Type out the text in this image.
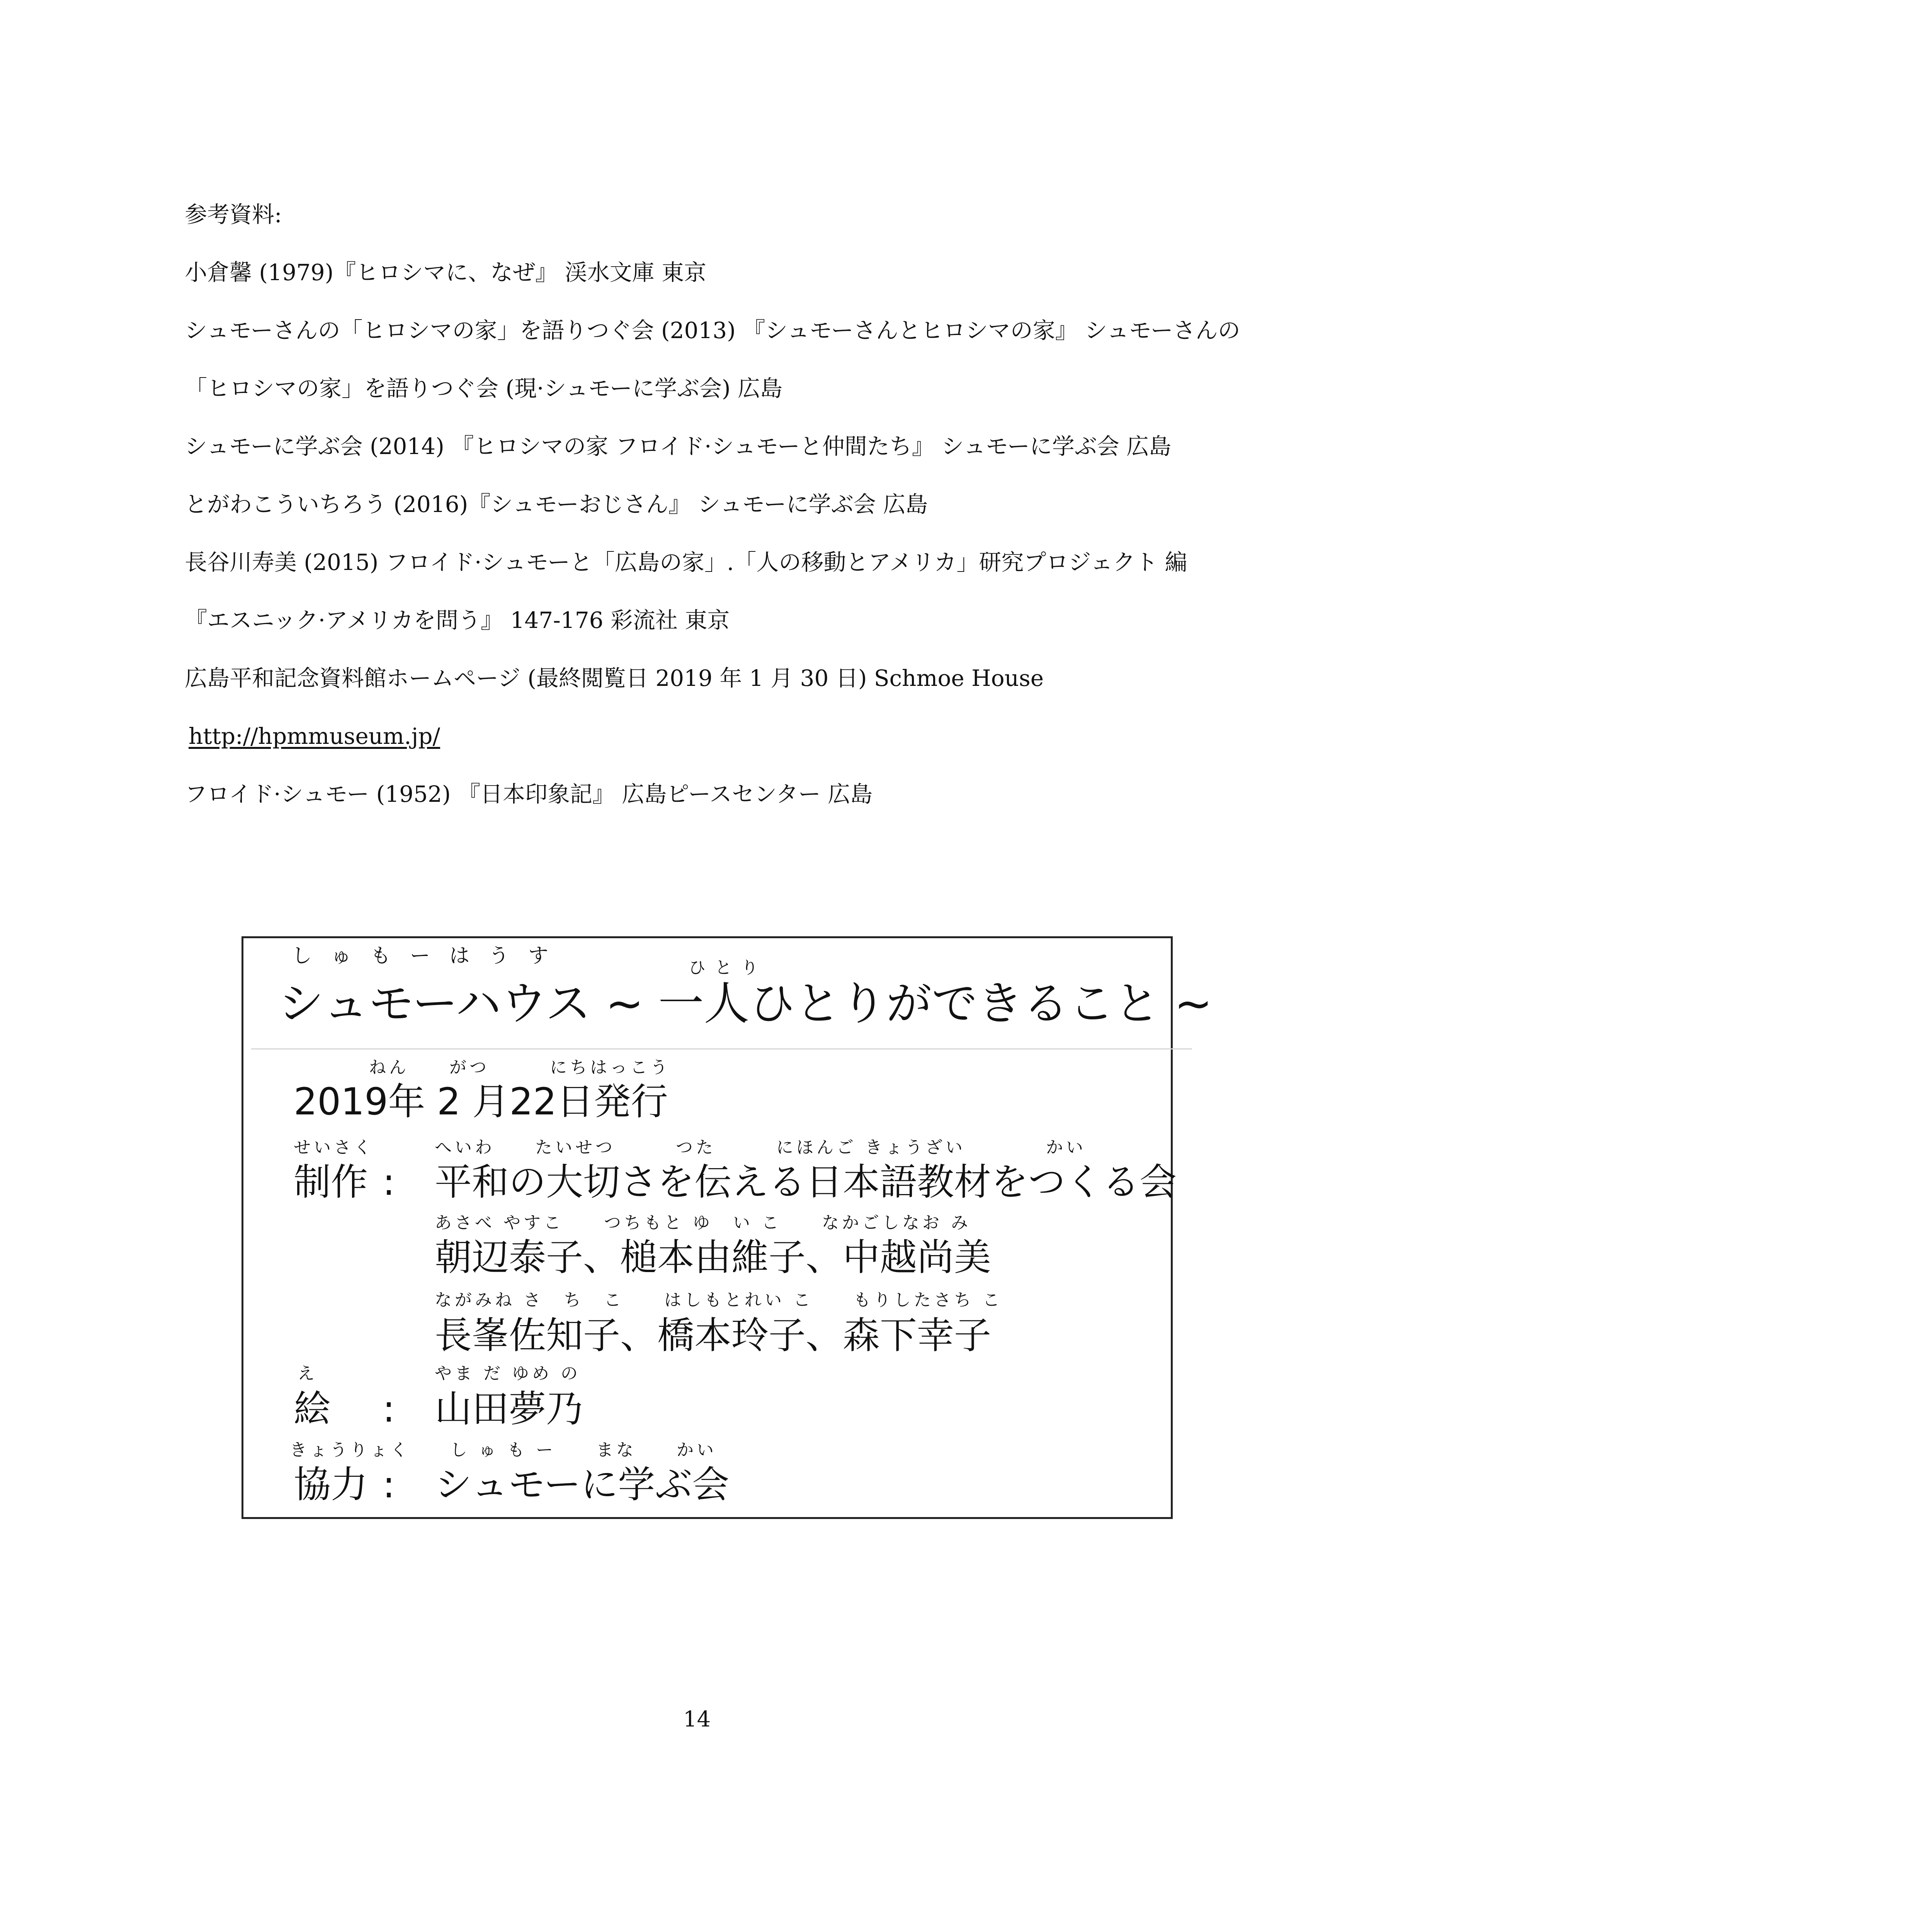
参考資料:
小倉馨 (1979)『ヒロシマに、なぜ』 渓水文庫 東京
シュモーさんの「ヒロシマの家」を語りつぐ会 (2013) 『シュモーさんとヒロシマの家』 シュモーさんの
「ヒロシマの家」を語りつぐ会 (現·シュモーに学ぶ会) 広島
シュモーに学ぶ会 (2014) 『ヒロシマの家 フロイド·シュモーと仲間たち』 シュモーに学ぶ会 広島
とがわこういちろう (2016)『シュモーおじさん』 シュモーに学ぶ会 広島
長谷川寿美 (2015) フロイド·シュモーと「広島の家」.「人の移動とアメリカ」研究プロジェクト 編
『エスニック·アメリカを問う』 147-176 彩流社 東京
広島平和記念資料館ホームページ (最終閲覧日 2019 年 1 月 30 日) Schmoe House
http://hpmmuseum.jp/
フロイド·シュモー (1952) 『日本印象記』 広島ピースセンター 広島
しゅもーはうす
ひとり
シュモーハウス ~ 一人ひとりができること ~
ねん　　がつ　　　にちはっこう
2019年 2 月22日発行
せいさく	へいわ　　たいせつ　　　つた　　　にほんご きょうざい　　　　かい
制作 : 平和の大切さを伝える日本語教材をつくる会
あさべ やすこ　　つちもと ゆ　い こ　　なかごしなお み
朝辺泰子、槌本由維子、中越尚美
ながみね さ　ち　こ　　はしもとれい こ　　もりしたさち こ
長峯佐知子、橋本玲子、森下幸子
え	やま だ ゆめ の
絵 : 山田夢乃
きょうりょく し ゅ も ー　　まな　　かい
協力 : シュモーに学ぶ会
14
